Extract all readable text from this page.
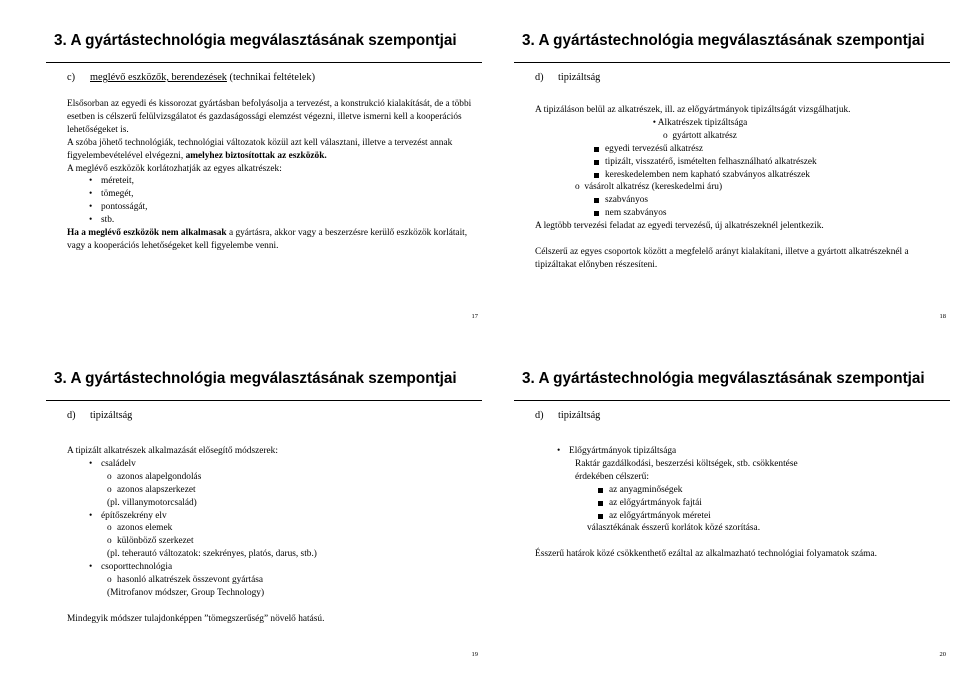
3. A gyártástechnológia megválasztásának szempontjai
c) meglévő eszközők, berendezések (technikai feltételek)

Elsősorban az egyedi és kissorozat gyártásban befolyásolja a tervezést, a konstrukció kialakítását, de a többi esetben is célszerű felülvizsgálatot és gazdaságossági elemzést végezni, illetve ismerni kell a kooperációs lehetőségeket is.

A szóba jöhető technológiák, technológiai változatok közül azt kell választani, illetve a tervezést annak figyelembevételével elvégezni, amelyhez biztosítottak az eszközök.

A meglévő eszközök korlátozhatják az egyes alkatrészek:

• méreteit,

• tömegét,

• pontosságát,

• stb.

Ha a meglévő eszközök nem alkalmasak a gyártásra, akkor vagy a beszerzésre kerülő eszközök korlátait, vagy a kooperációs lehetőségeket kell figyelembe venni.

17
3. A gyártástechnológia megválasztásának szempontjai
d) tipizáltság

A tipizáláson belül az alkatrészek, ill. az előgyártmányok tipizáltságát vizsgálhatjuk.

• Alkatrészek tipizáltsága

o gyártott alkatrész

egyedi tervezésű alkatrész

tipizált, visszatérő, ismételten felhasználható alkatrészek

kereskedelemben nem kapható szabványos alkatrészek

o vásárolt alkatrész (kereskedelmi áru)

szabványos

nem szabványos

A legtöbb tervezési feladat az egyedi tervezésű, új alkatrészeknél jelentkezik.

Célszerű az egyes csoportok között a megfelelő arányt kialakítani, illetve a gyártott alkatrészeknél a tipizáltakat előnyben részesíteni.

18
3. A gyártástechnológia megválasztásának szempontjai
d) tipizáltság

A tipizált alkatrészek alkalmazását elősegítő módszerek:

• családelv

o azonos alapelgondolás

o azonos alapszerkezet

(pl. villanymotorcsalád)

• építőszekrény elv

o azonos elemek

o különböző szerkezet

(pl. teherautó változatok: szekrényes, platós, darus, stb.)

• csoporttechnológia

o hasonló alkatrészek összevont gyártása

(Mitrofanov módszer, Group Technology)

Mindegyik módszer tulajdonképpen ”tömegszerűség” növelő hatású.

19
3. A gyártástechnológia megválasztásának szempontjai
d) tipizáltság

• Előgyártmányok tipizáltsága

Raktár gazdálkodási, beszerzési költségek, stb. csökkentése

érdekében célszerű:

az anyagminőségek

az előgyártmányok fajtái

az előgyártmányok méretei

választékának ésszerű korlátok közé szorítása.

Ésszerű határok közé csökkenthető ezáltal az alkalmazható technológiai folyamatok száma.

20
